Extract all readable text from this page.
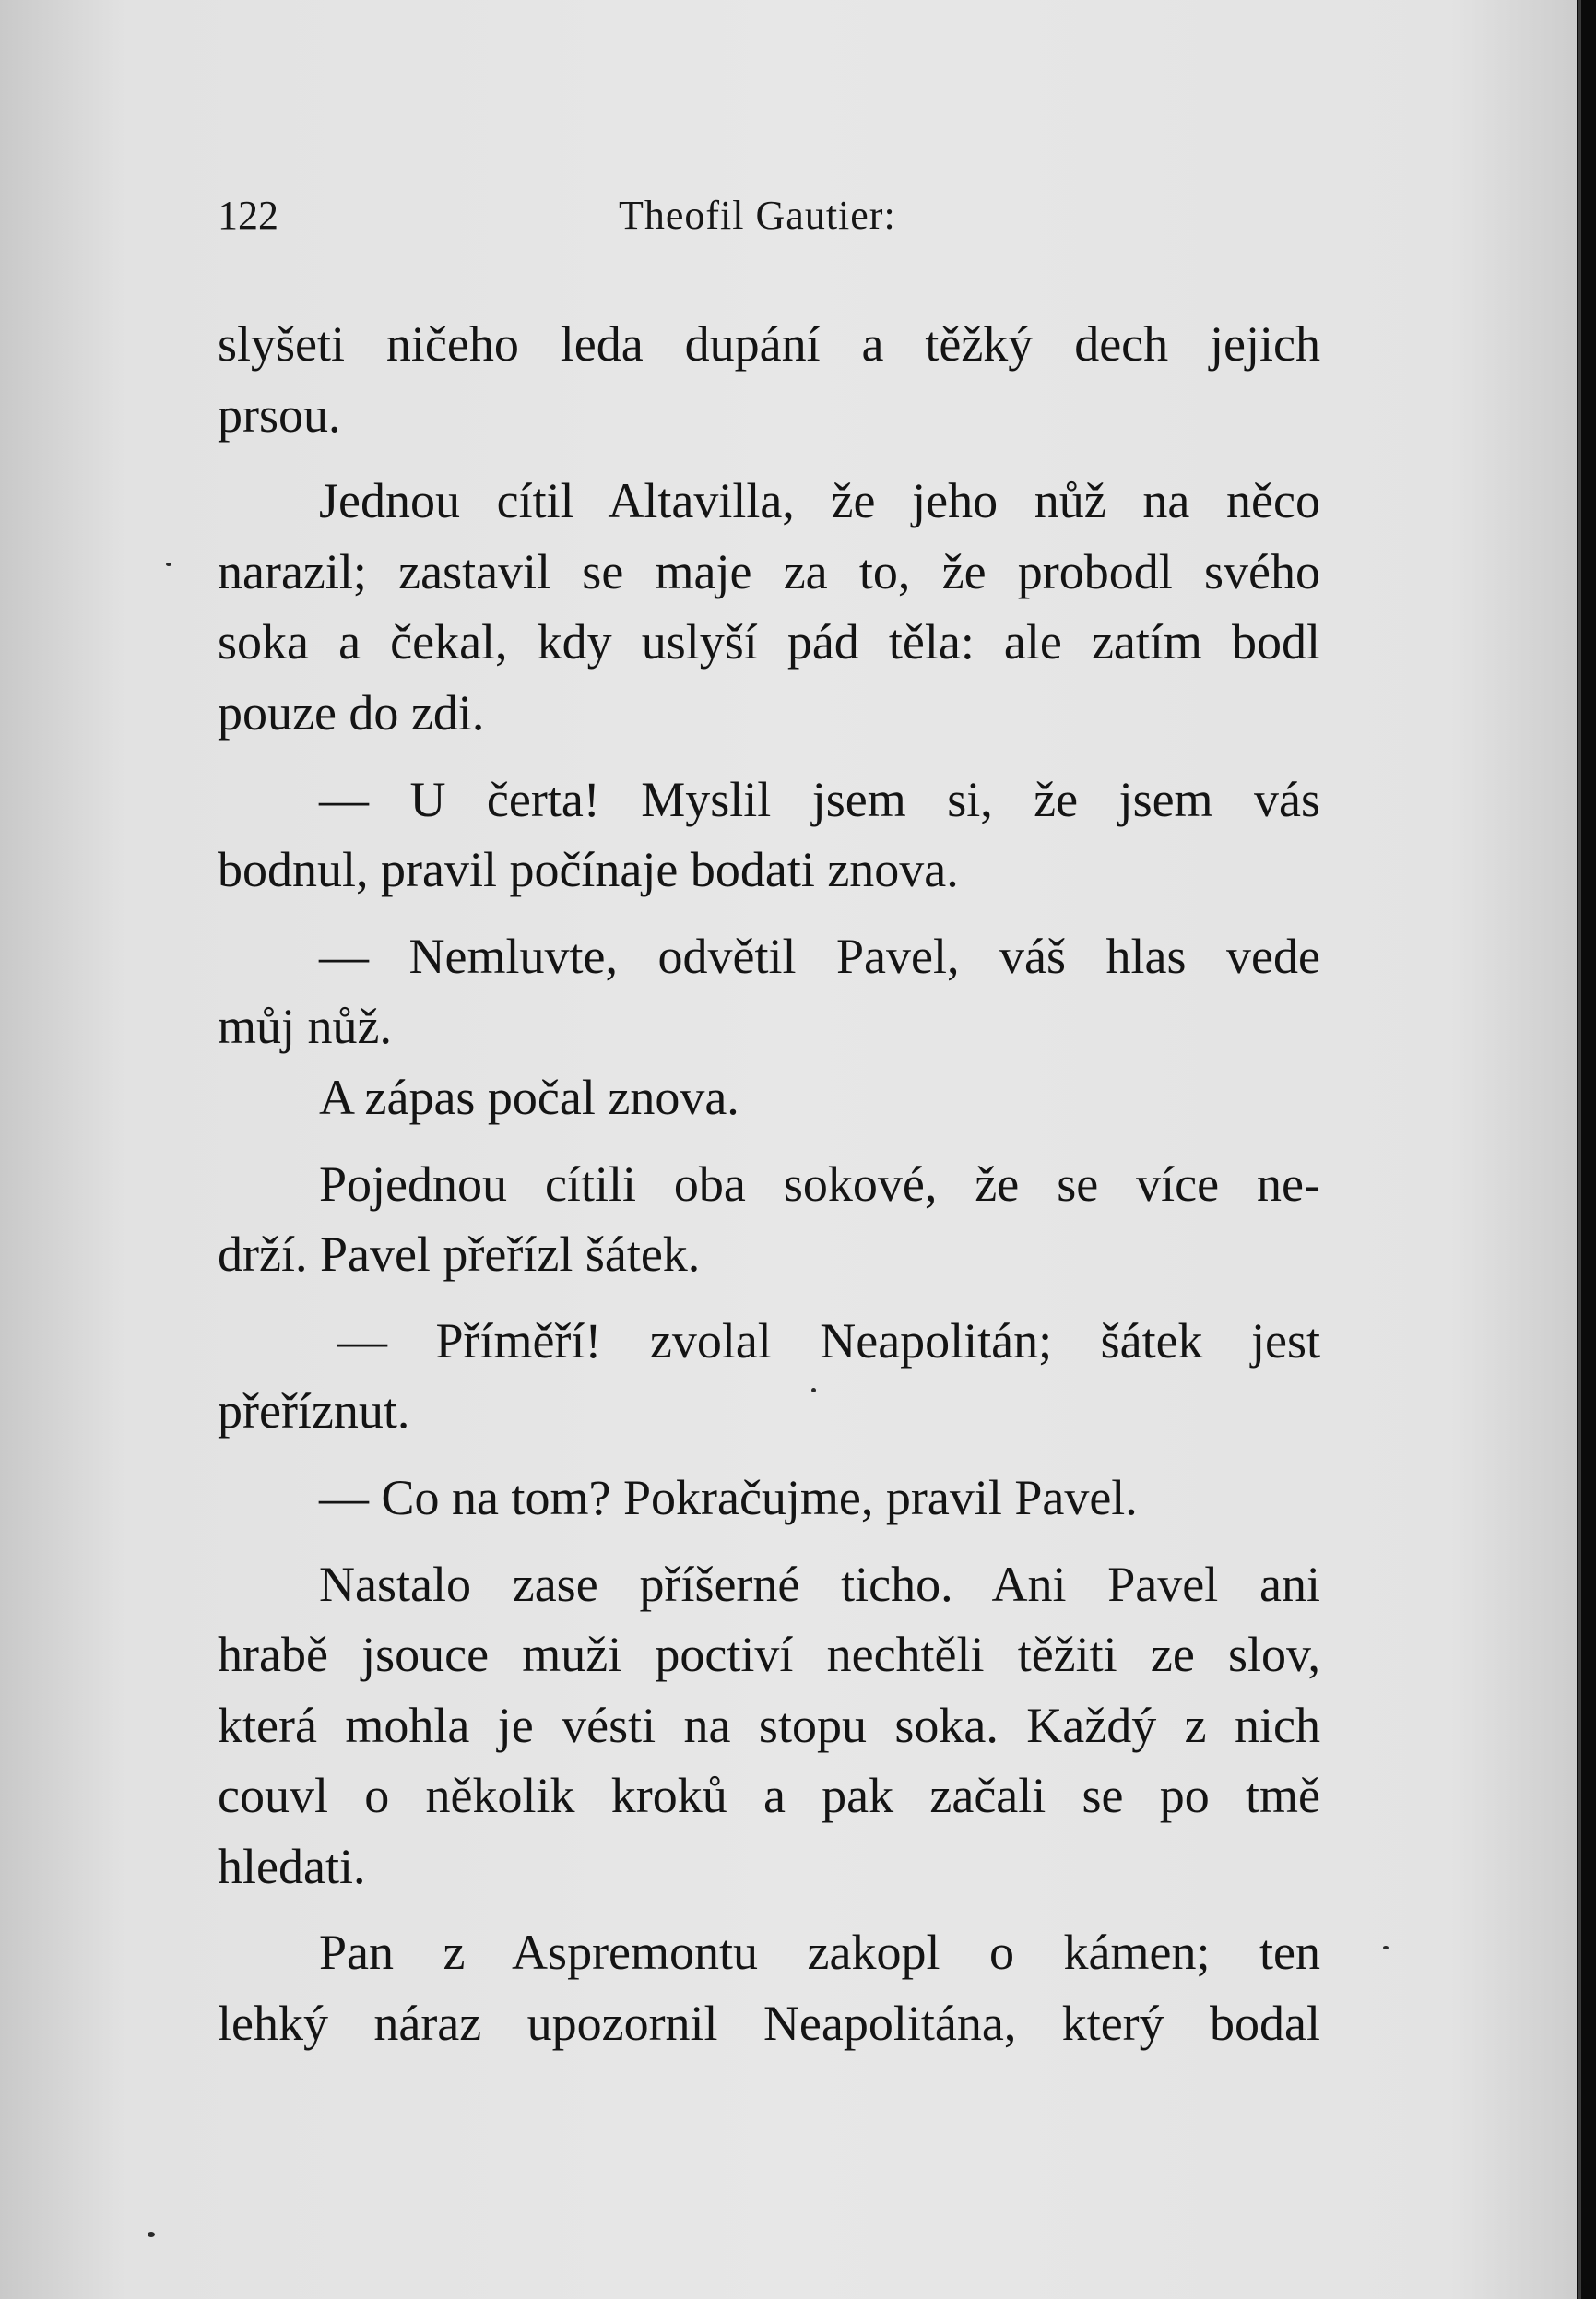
122	Theofil Gautier:
slyšeti ničeho leda dupání a těžký dech jejich
prsou.
Jednou cítil Altavilla, že jeho nůž na něco
narazil; zastavil se maje za to, že probodl svého
soka a čekal, kdy uslyší pád těla: ale zatím bodl
pouze do zdi.
— U čerta! Myslil jsem si, že jsem vás
bodnul, pravil počínaje bodati znova.
— Nemluvte, odvětil Pavel, váš hlas vede
můj nůž.
A zápas počal znova.
Pojednou cítili oba sokové, že se více ne-
drží. Pavel přeřízl šátek.
— Příměří! zvolal Neapolitán; šátek jest
přeříznut.
— Co na tom? Pokračujme, pravil Pavel.
Nastalo zase příšerné ticho. Ani Pavel ani
hrabě jsouce muži poctiví nechtěli těžiti ze slov,
která mohla je vésti na stopu soka. Každý z nich
couvl o několik kroků a pak začali se po tmě
hledati.
Pan z Aspremontu zakopl o kámen; ten
lehký náraz upozornil Neapolitána, který bodal
